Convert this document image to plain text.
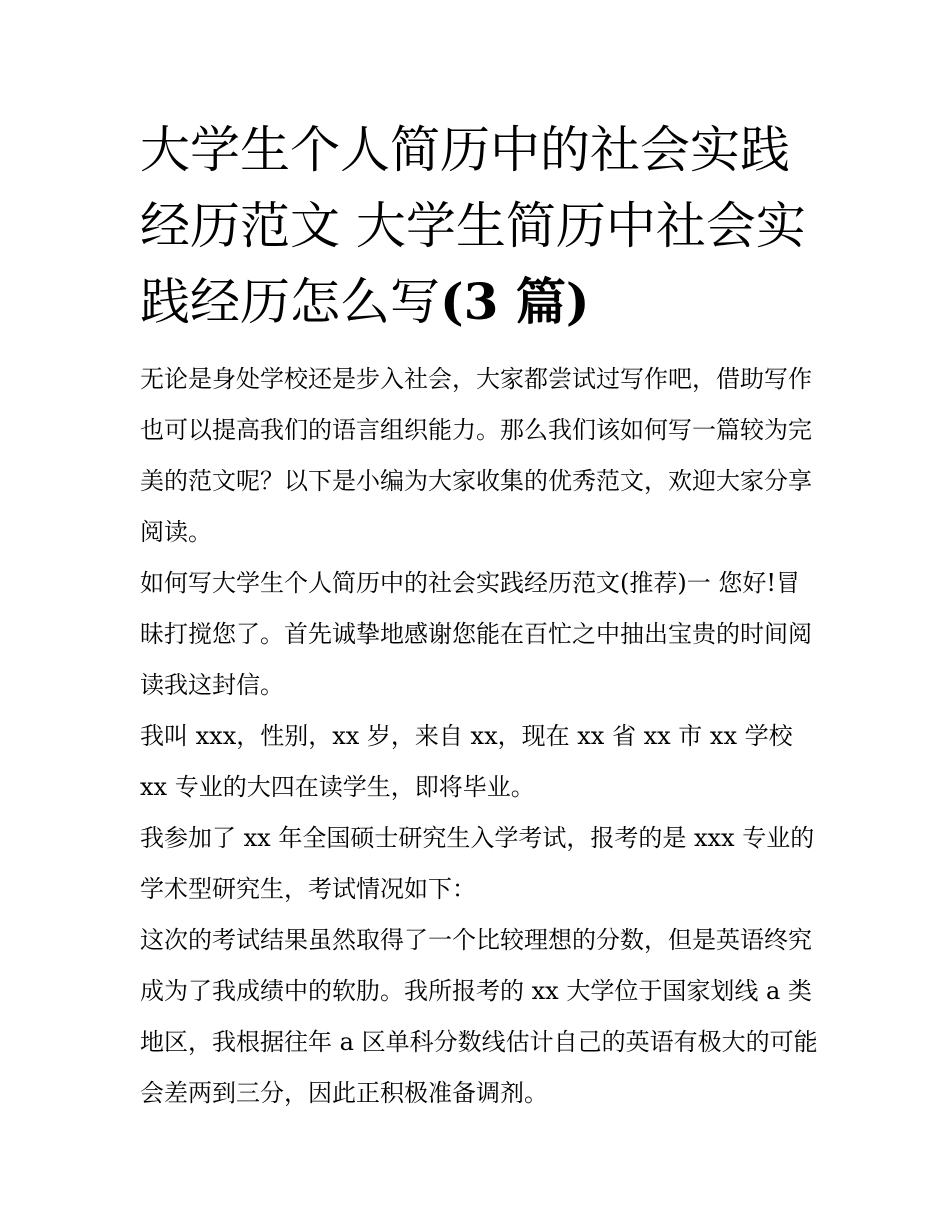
大学生个人简历中的社会实践经历范文 大学生简历中社会实践经历怎么写(3 篇)

无论是身处学校还是步入社会，大家都尝试过写作吧，借助写作也可以提高我们的语言组织能力。那么我们该如何写一篇较为完美的范文呢？以下是小编为大家收集的优秀范文，欢迎大家分享阅读。

如何写大学生个人简历中的社会实践经历范文(推荐)一 您好!冒昧打搅您了。首先诚挚地感谢您能在百忙之中抽出宝贵的时间阅读我这封信。

我叫 xxx，性别，xx 岁，来自 xx，现在 xx 省 xx 市 xx 学校 xx 专业的大四在读学生，即将毕业。

我参加了 xx 年全国硕士研究生入学考试，报考的是 xxx 专业的学术型研究生，考试情况如下：

这次的考试结果虽然取得了一个比较理想的分数，但是英语终究成为了我成绩中的软肋。我所报考的 xx 大学位于国家划线 a 类地区，我根据往年 a 区单科分数线估计自己的英语有极大的可能会差两到三分，因此正积极准备调剂。
